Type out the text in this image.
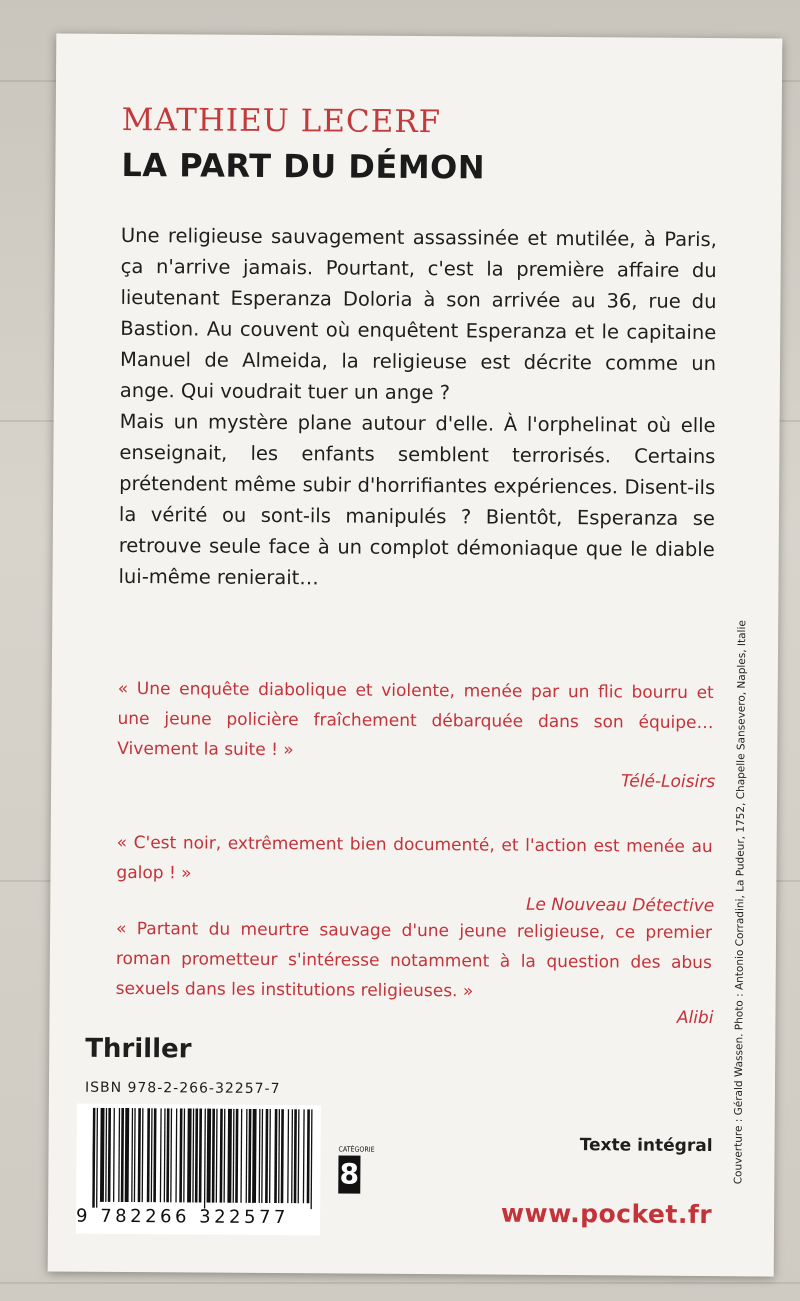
MATHIEU LECERF
LA PART DU DÉMON

Une religieuse sauvagement assassinée et mutilée, à Paris, ça n'arrive jamais. Pourtant, c'est la première affaire du lieutenant Esperanza Doloria à son arrivée au 36, rue du Bastion. Au couvent où enquêtent Esperanza et le capitaine Manuel de Almeida, la religieuse est décrite comme un ange. Qui voudrait tuer un ange ?
Mais un mystère plane autour d'elle. À l'orphelinat où elle enseignait, les enfants semblent terrorisés. Certains prétendent même subir d'horrifiantes expériences. Disent-ils la vérité ou sont-ils manipulés ? Bientôt, Esperanza se retrouve seule face à un complot démoniaque que le diable lui-même renierait…

« Une enquête diabolique et violente, menée par un flic bourru et une jeune policière fraîchement débarquée dans son équipe… Vivement la suite ! »

Télé-Loisirs

« C'est noir, extrêmement bien documenté, et l'action est menée au galop ! »

Le Nouveau Détective

« Partant du meurtre sauvage d'une jeune religieuse, ce premier roman prometteur s'intéresse notamment à la question des abus sexuels dans les institutions religieuses. »

Alibi

Thriller

ISBN 978-2-266-32257-7

9 782266 322577

CATÉGORIE
8

Texte intégral

www.pocket.fr

Couverture : Gérald Wassen. Photo : Antonio Corradini, La Pudeur, 1752, Chapelle Sansevero, Naples, Italie
